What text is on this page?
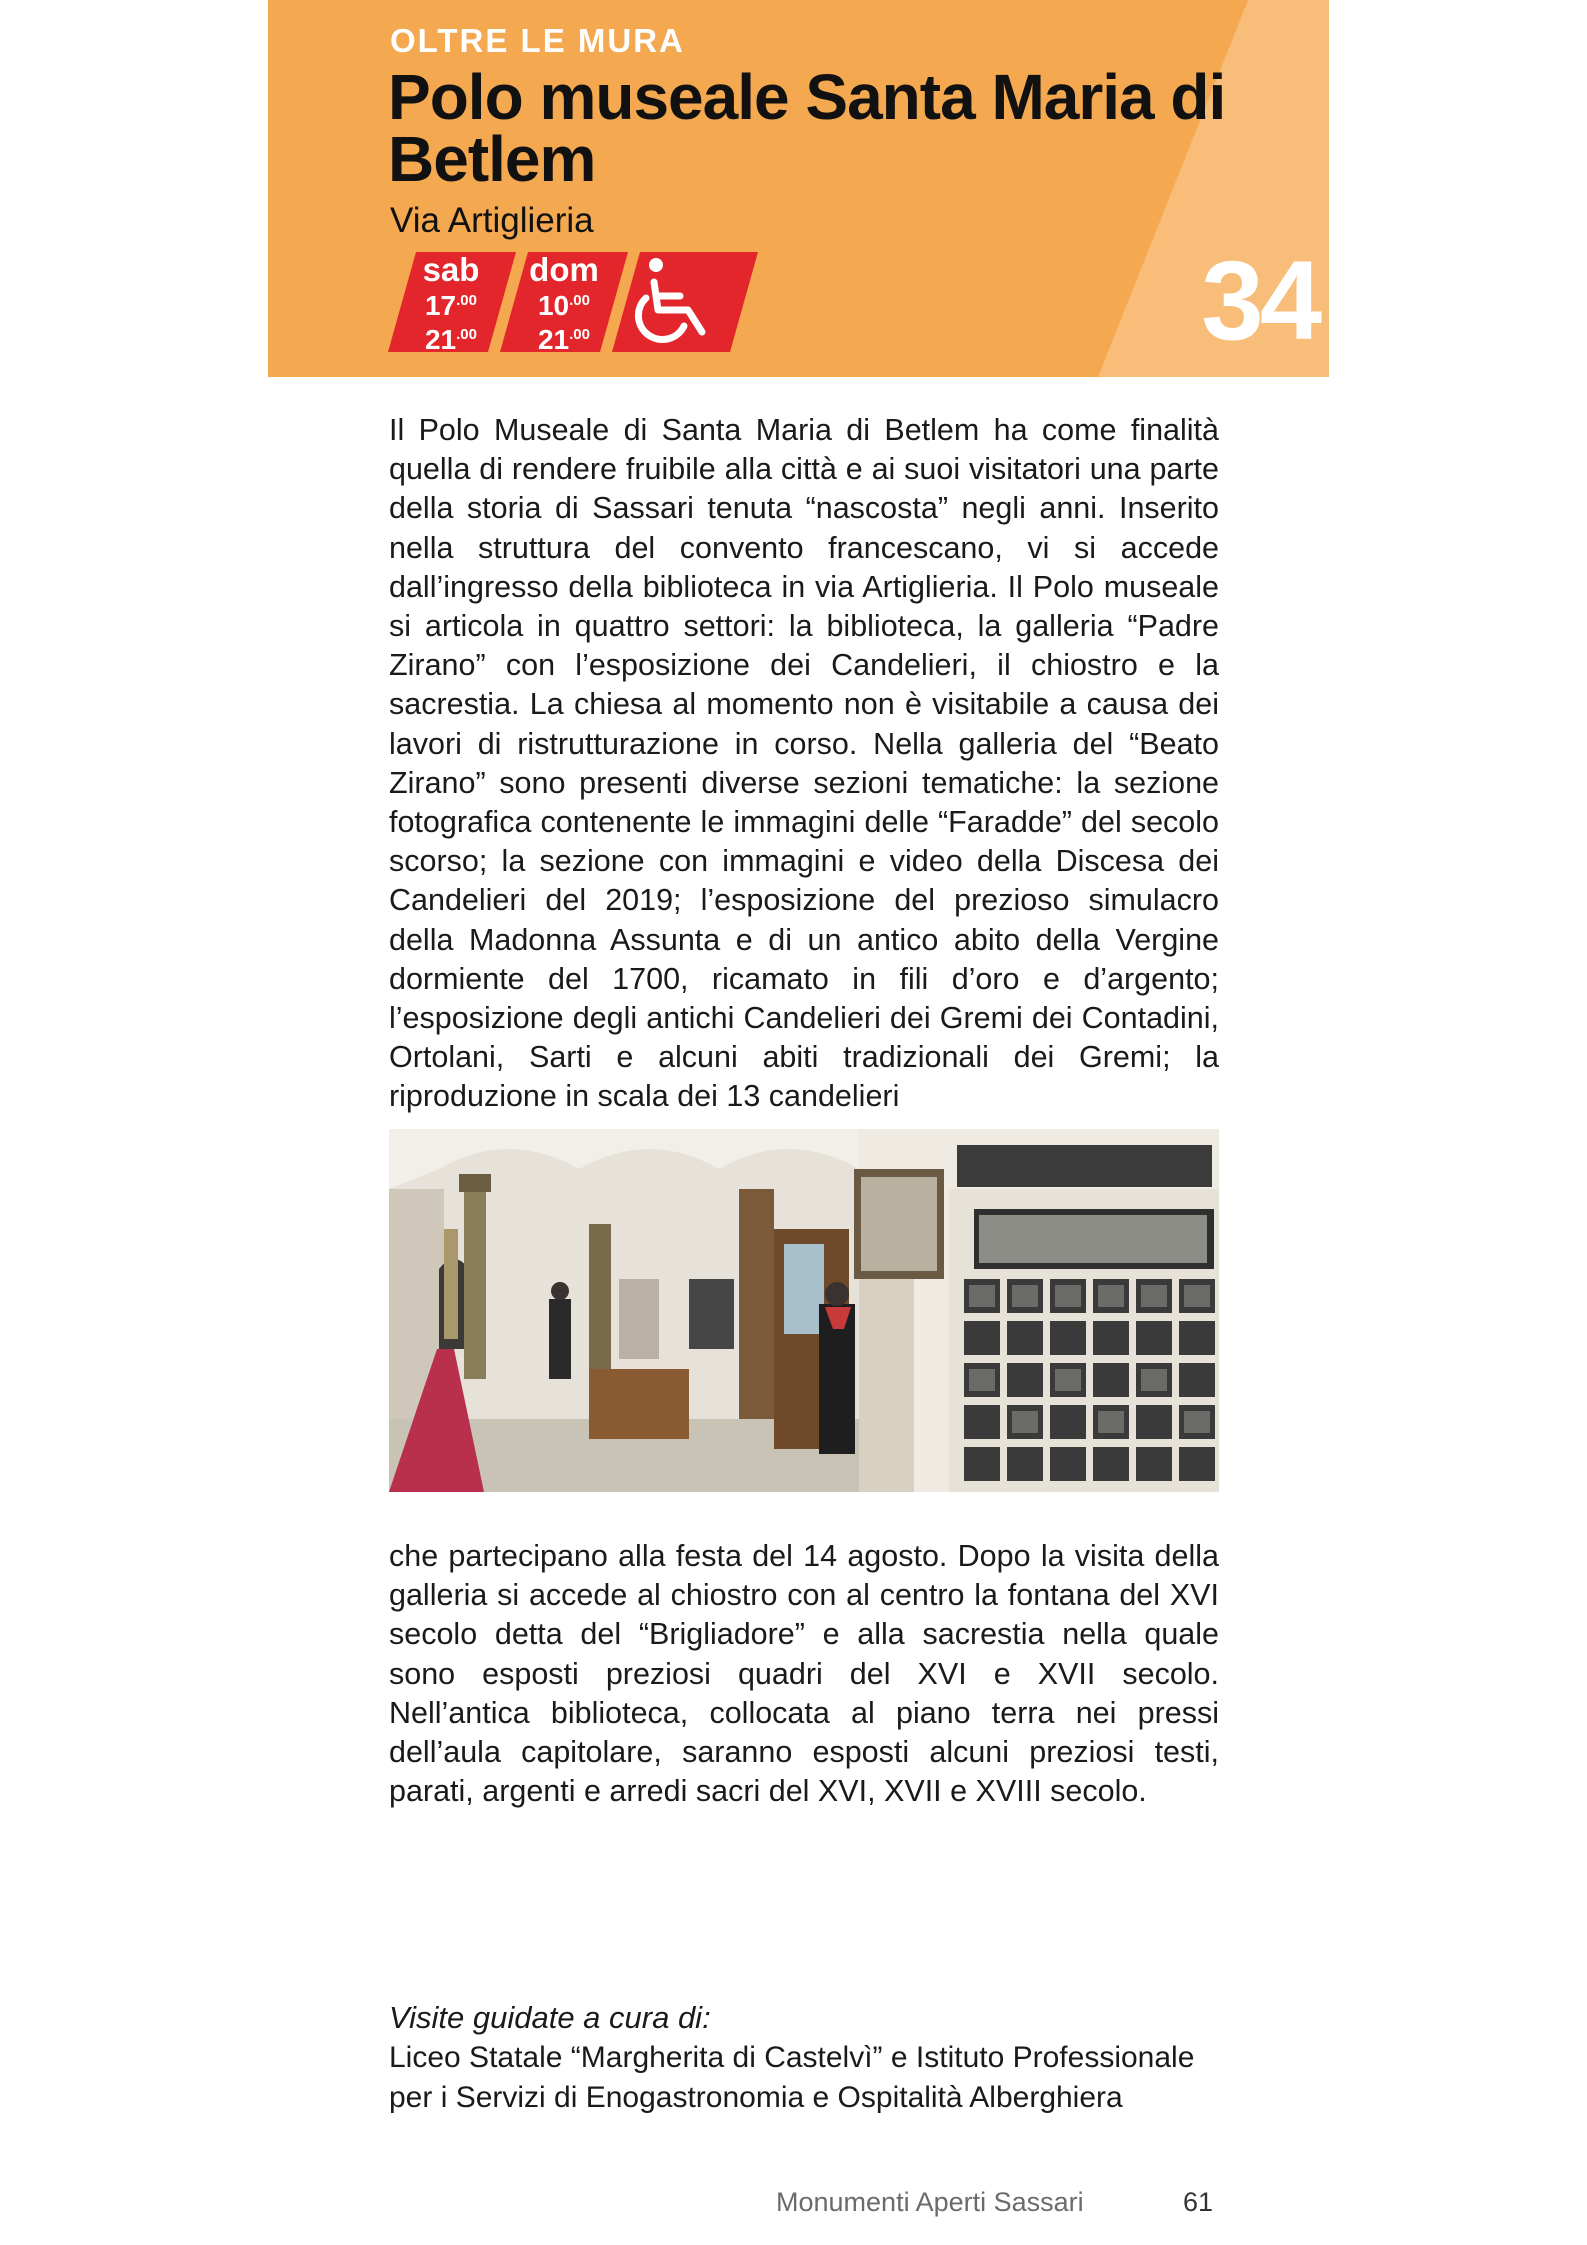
OLTRE LE MURA
Polo museale Santa Maria di Betlem
Via Artiglieria
sab
$17^{.00}$
$21^{.00}$
dom
$10^{.00}$
$21^{.00}$	34
Il Polo Museale di Santa Maria di Betlem ha come finalità quella di rendere fruibile alla città e ai suoi visitatori una parte della storia di Sassari tenuta “nascosta” negli anni. Inserito nella struttura del convento francescano, vi si accede dall’ingresso della biblioteca in via Artiglieria. Il Polo museale si articola in quattro settori: la biblioteca, la galleria “Padre Zirano” con l’esposizione dei Candelieri, il chiostro e la sacrestia. La chiesa al momento non è visitabile a causa dei lavori di ristrutturazione in corso. Nella galleria del “Beato Zirano” sono presenti diverse sezioni tematiche: la sezione fotografica contenente le immagini delle “Faradde” del secolo scorso; la sezione con immagini e video della Discesa dei Candelieri del 2019; l’esposizione del prezioso simulacro della Madonna Assunta e di un antico abito della Vergine dormiente del 1700, ricamato in fili d’oro e d’argento; l’esposizione degli antichi Candelieri dei Gremi dei Contadini, Ortolani, Sarti e alcuni abiti tradizionali dei Gremi; la riproduzione in scala dei 13 candelieri
che partecipano alla festa del 14 agosto. Dopo la visita della galleria si accede al chiostro con al centro la fontana del XVI secolo detta del “Brigliadore” e alla sacrestia nella quale sono esposti preziosi quadri del XVI e XVII secolo. Nell’antica biblioteca, collocata al piano terra nei pressi dell’aula capitolare, saranno esposti alcuni preziosi testi, parati, argenti e arredi sacri del XVI, XVII e XVIII secolo.
Visite guidate a cura di:
Liceo Statale “Margherita di Castelvì” e Istituto Professionale per i Servizi di Enogastronomia e Ospitalità Alberghiera
Monumenti Aperti Sassari	61
